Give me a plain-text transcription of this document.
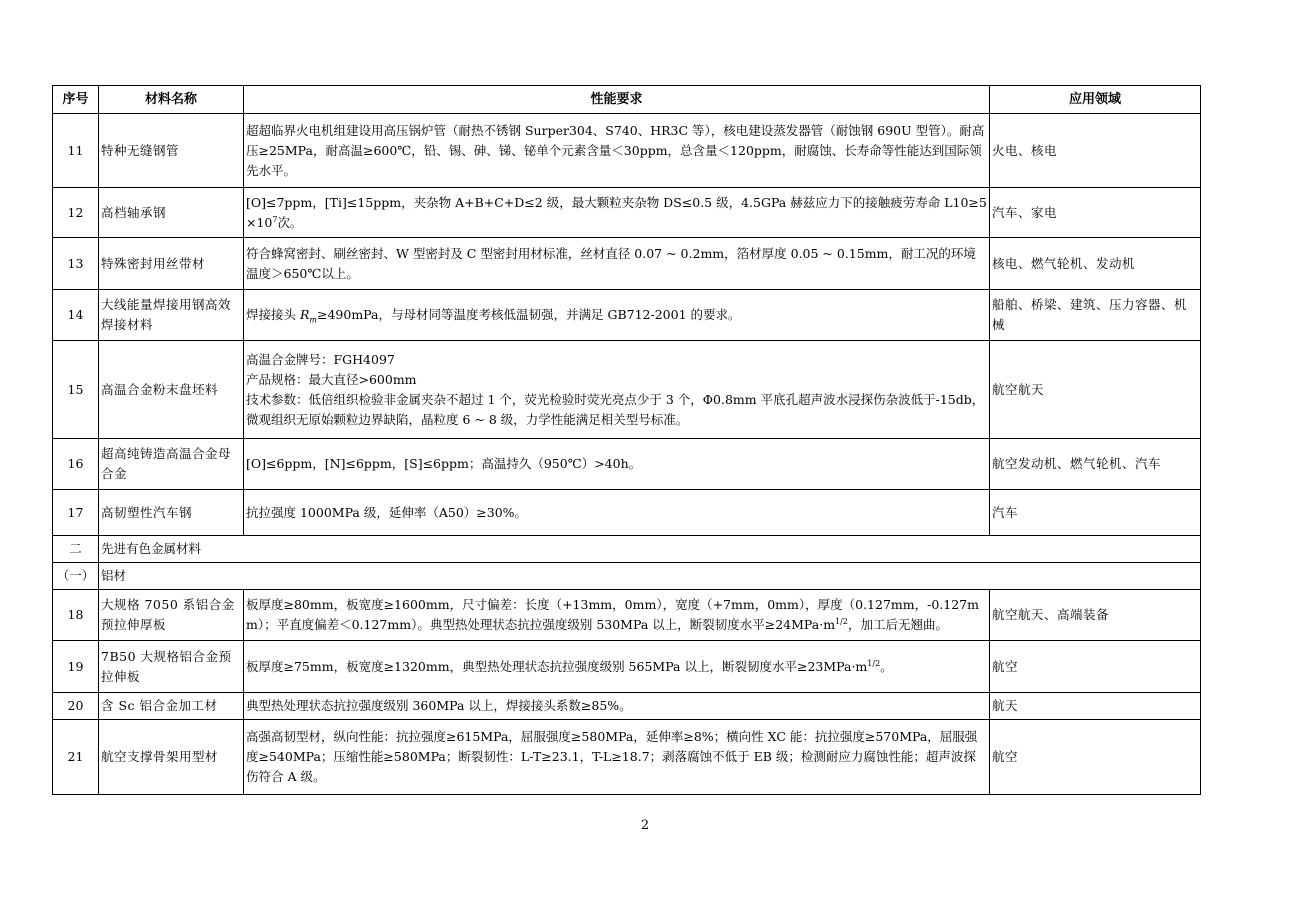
序号	材料名称	性能要求	应用领域
11	特种无缝钢管	超超临界火电机组建设用高压锅炉管（耐热不锈钢 Surper304、S740、HR3C 等），核电建设蒸发器管（耐蚀钢 690U 型管）。耐高压≥25MPa，耐高温≥600℃，铅、锡、砷、锑、铋单个元素含量＜30ppm，总含量＜120ppm，耐腐蚀、长寿命等性能达到国际领先水平。	火电、核电
12	高档轴承钢	[O]≤7ppm，[Ti]≤15ppm，夹杂物 A+B+C+D≤2 级，最大颗粒夹杂物 DS≤0.5 级，4.5GPa 赫兹应力下的接触疲劳寿命 $L10\ge 5\times 10^7$次。	汽车、家电
13	特殊密封用丝带材	符合蜂窝密封、刷丝密封、W 型密封及 C 型密封用材标准，丝材直径 0.07 ~ 0.2mm，箔材厚度 0.05 ~ 0.15mm，耐工况的环境温度＞650℃以上。	核电、燃气轮机、发动机
14	大线能量焊接用钢高效焊接材料	焊接接头 $R_m\ge 490mPa$，与母材同等温度考核低温韧强，并满足 GB712-2001 的要求。	船舶、桥梁、建筑、压力容器、机械
15	高温合金粉末盘坯料	高温合金牌号：FGH4097
产品规格：最大直径>600mm
技术参数：低倍组织检验非金属夹杂不超过 1 个，荧光检验时荧光亮点少于 3 个，Φ0.8mm 平底孔超声波水浸探伤杂波低于-15db，微观组织无原始颗粒边界缺陷，晶粒度 6 ~ 8 级，力学性能满足相关型号标准。	航空航天
16	超高纯铸造高温合金母合金	[O]≤6ppm，[N]≤6ppm，[S]≤6ppm；高温持久（950℃）>40h。	航空发动机、燃气轮机、汽车
17	高韧塑性汽车钢	抗拉强度 1000MPa 级，延伸率（A50）≥30%。	汽车
二	先进有色金属材料		
（一）	铝材		
18	大规格 7050 系铝合金预拉伸厚板	板厚度≥80mm，板宽度≥1600mm，尺寸偏差：长度（+13mm，0mm），宽度（+7mm，0mm），厚度（0.127mm，-0.127mm）；平直度偏差＜0.127mm）。典型热处理状态抗拉强度级别 530MPa 以上，断裂韧度水平$\ge 24MPa\cdot m^{1/2}$，加工后无翘曲。	航空航天、高端装备
19	7B50 大规格铝合金预拉伸板	板厚度≥75mm，板宽度≥1320mm，典型热处理状态抗拉强度级别 565MPa 以上，断裂韧度水平$\ge 23MPa\cdot m^{1/2}$。	航空
20	含 Sc 铝合金加工材	典型热处理状态抗拉强度级别 360MPa 以上，焊接接头系数≥85%。	航天
21	航空支撑骨架用型材	高强高韧型材，纵向性能：抗拉强度≥615MPa，屈服强度≥580MPa，延伸率≥8%；横向性 XC 能：抗拉强度≥570MPa，屈服强度≥540MPa；压缩性能≥580MPa；断裂韧性：L-T≥23.1，T-L≥18.7；剥落腐蚀不低于 EB 级；检测耐应力腐蚀性能；超声波探伤符合 A 级。	航空
2
